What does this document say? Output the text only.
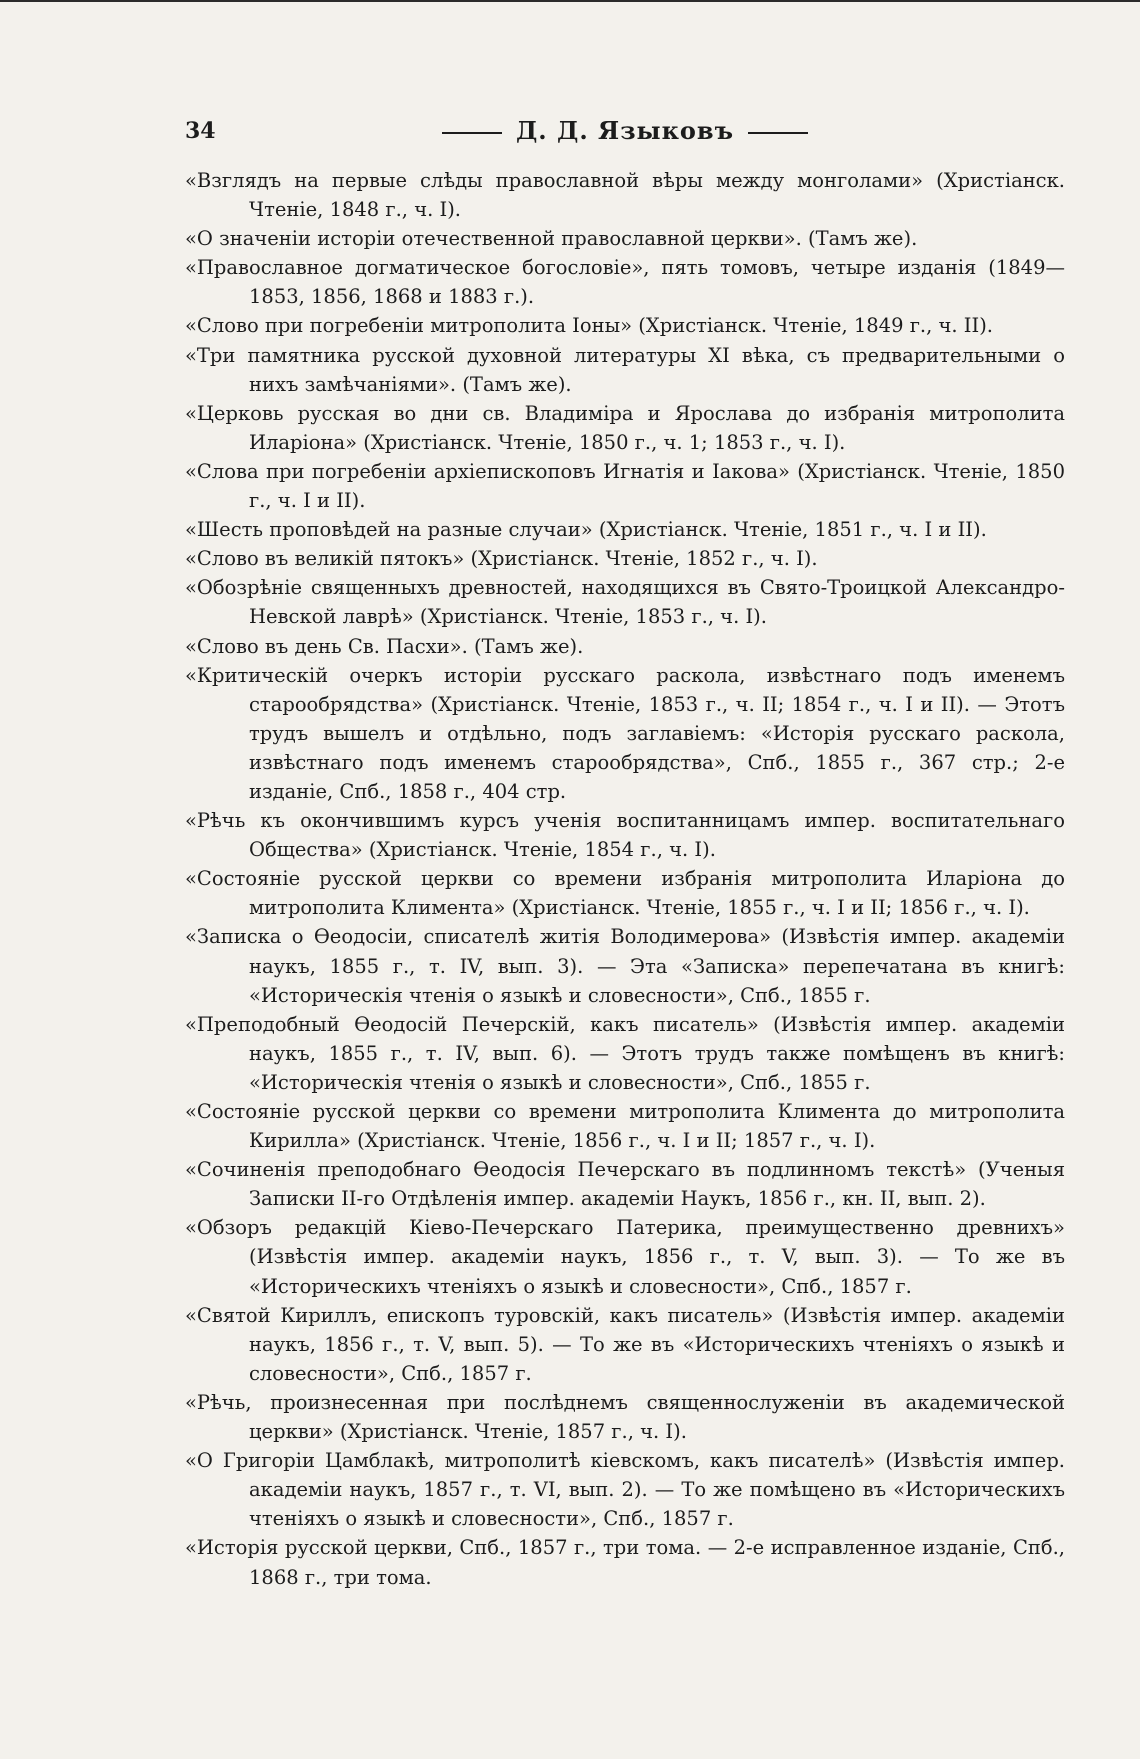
34	Д. Д. Языковъ
«Взглядъ на первые слѣды православной вѣры между монголами» (Христіанск. Чтеніе, 1848 г., ч. I).
«О значеніи исторіи отечественной православной церкви». (Тамъ же).
«Православное догматическое богословіе», пять томовъ, четыре изданія (1849—1853, 1856, 1868 и 1883 г.).
«Слово при погребеніи митрополита Іоны» (Христіанск. Чтеніе, 1849 г., ч. II).
«Три памятника русской духовной литературы XI вѣка, съ предварительными о нихъ замѣчаніями». (Тамъ же).
«Церковь русская во дни св. Владиміра и Ярослава до избранія митрополита Иларіона» (Христіанск. Чтеніе, 1850 г., ч. 1; 1853 г., ч. I).
«Слова при погребеніи архіепископовъ Игнатія и Іакова» (Христіанск. Чтеніе, 1850 г., ч. I и II).
«Шесть проповѣдей на разные случаи» (Христіанск. Чтеніе, 1851 г., ч. I и II).
«Слово въ великій пятокъ» (Христіанск. Чтеніе, 1852 г., ч. I).
«Обозрѣніе священныхъ древностей, находящихся въ Свято-Троицкой Александро-Невской лаврѣ» (Христіанск. Чтеніе, 1853 г., ч. I).
«Слово въ день Св. Пасхи». (Тамъ же).
«Критическій очеркъ исторіи русскаго раскола, извѣстнаго подъ именемъ старообрядства» (Христіанск. Чтеніе, 1853 г., ч. II; 1854 г., ч. I и II). — Этотъ трудъ вышелъ и отдѣльно, подъ заглавіемъ: «Исторія русскаго раскола, извѣстнаго подъ именемъ старообрядства», Спб., 1855 г., 367 стр.; 2-е изданіе, Спб., 1858 г., 404 стр.
«Рѣчь къ окончившимъ курсъ ученія воспитанницамъ импер. воспитательнаго Общества» (Христіанск. Чтеніе, 1854 г., ч. I).
«Состояніе русской церкви со времени избранія митрополита Иларіона до митрополита Климента» (Христіанск. Чтеніе, 1855 г., ч. I и II; 1856 г., ч. I).
«Записка о Ѳеодосіи, списателѣ житія Володимерова» (Извѣстія импер. академіи наукъ, 1855 г., т. IV, вып. 3). — Эта «Записка» перепечатана въ книгѣ: «Историческія чтенія о языкѣ и словесности», Спб., 1855 г.
«Преподобный Ѳеодосій Печерскій, какъ писатель» (Извѣстія импер. академіи наукъ, 1855 г., т. IV, вып. 6). — Этотъ трудъ также помѣщенъ въ книгѣ: «Историческія чтенія о языкѣ и словесности», Спб., 1855 г.
«Состояніе русской церкви со времени митрополита Климента до митрополита Кирилла» (Христіанск. Чтеніе, 1856 г., ч. I и II; 1857 г., ч. I).
«Сочиненія преподобнаго Ѳеодосія Печерскаго въ подлинномъ текстѣ» (Ученыя Записки II-го Отдѣленія импер. академіи Наукъ, 1856 г., кн. II, вып. 2).
«Обзоръ редакцій Кіево-Печерскаго Патерика, преимущественно древнихъ» (Извѣстія импер. академіи наукъ, 1856 г., т. V, вып. 3). — То же въ «Историческихъ чтеніяхъ о языкѣ и словесности», Спб., 1857 г.
«Святой Кириллъ, епископъ туровскій, какъ писатель» (Извѣстія импер. академіи наукъ, 1856 г., т. V, вып. 5). — То же въ «Историческихъ чтеніяхъ о языкѣ и словесности», Спб., 1857 г.
«Рѣчь, произнесенная при послѣднемъ священнослуженіи въ академической церкви» (Христіанск. Чтеніе, 1857 г., ч. I).
«О Григоріи Цамблакѣ, митрополитѣ кіевскомъ, какъ писателѣ» (Извѣстія импер. академіи наукъ, 1857 г., т. VI, вып. 2). — То же помѣщено въ «Историческихъ чтеніяхъ о языкѣ и словесности», Спб., 1857 г.
«Исторія русской церкви, Спб., 1857 г., три тома. — 2-е исправленное изданіе, Спб., 1868 г., три тома.
